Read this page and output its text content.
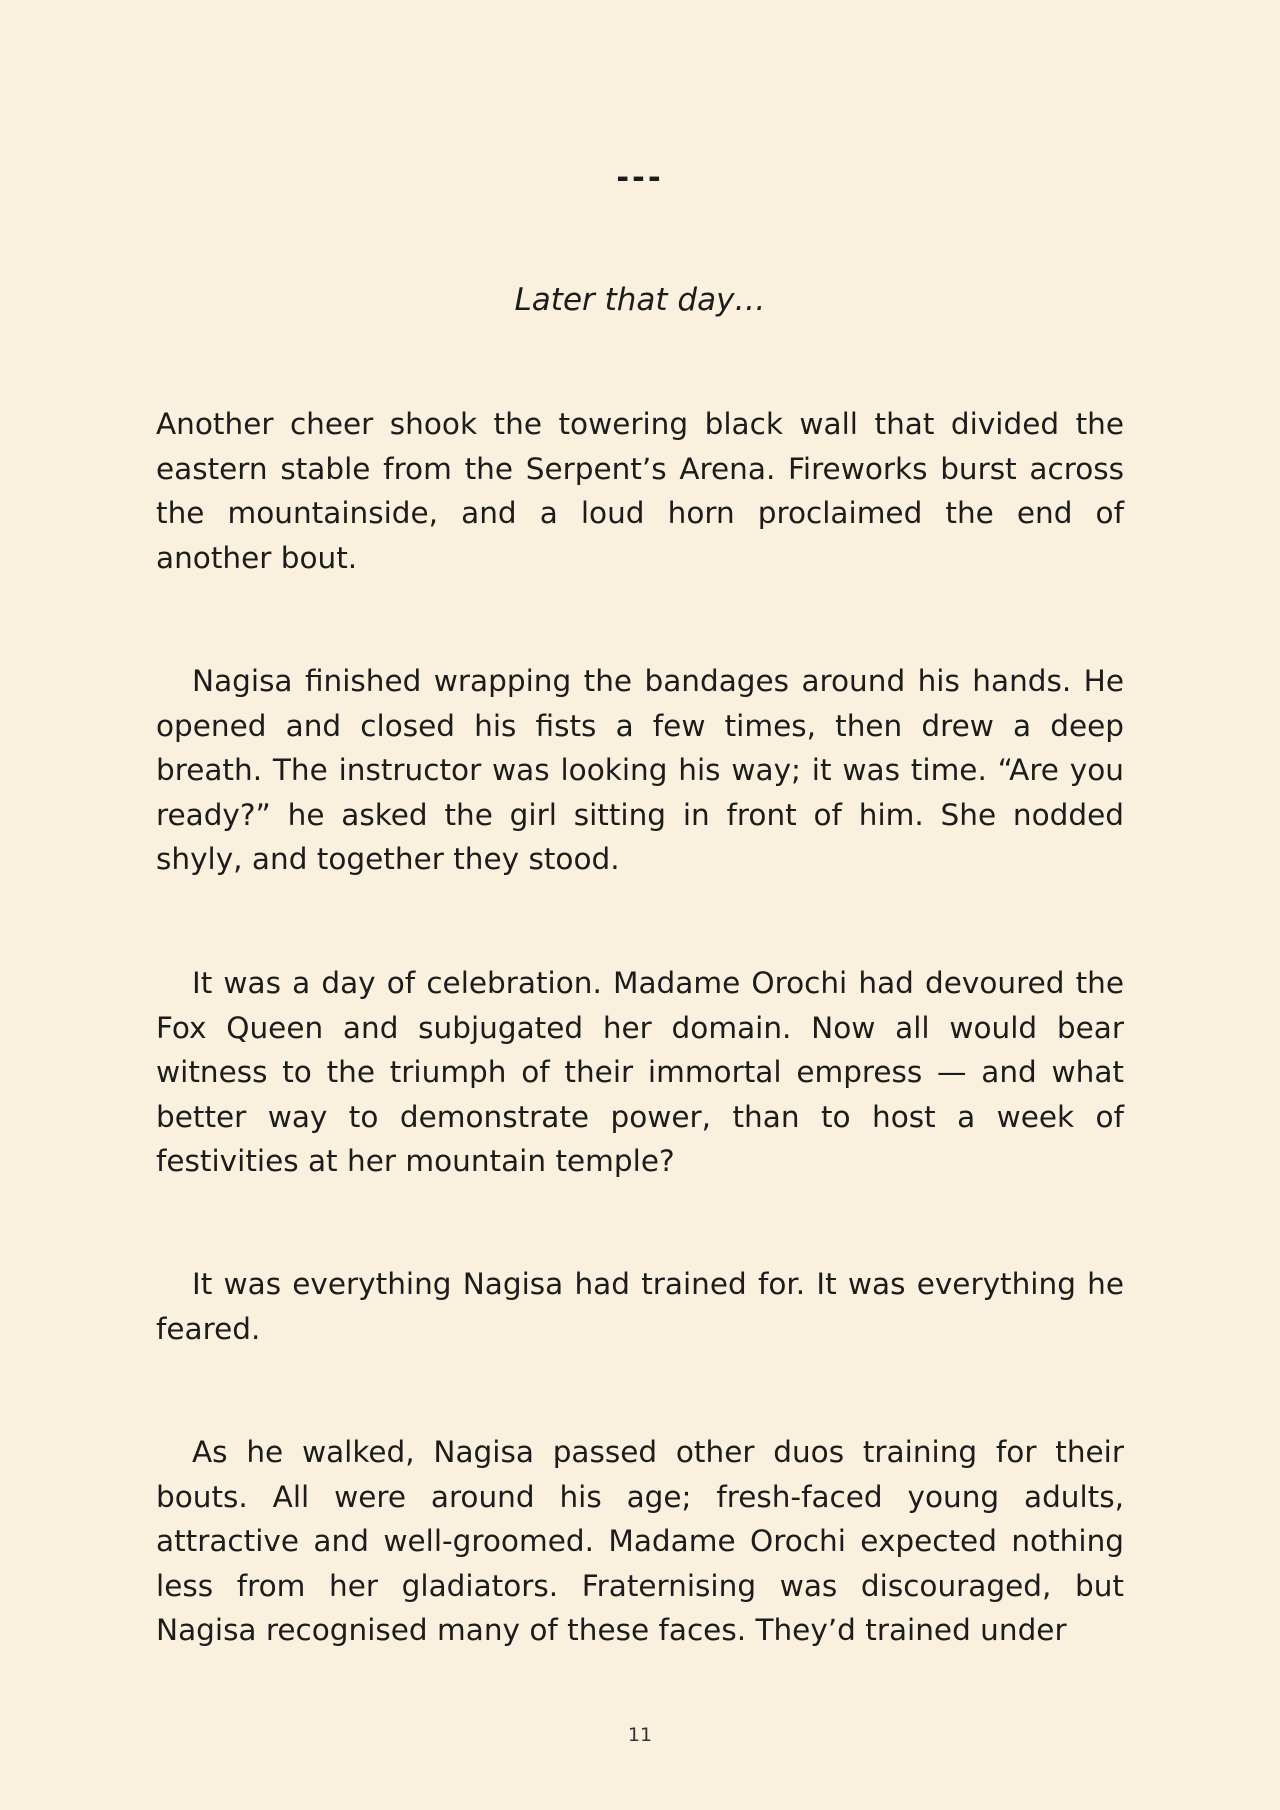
---
Later that day…

Another cheer shook the towering black wall that divided the eastern stable from the Serpent’s Arena. Fireworks burst across the mountainside, and a loud horn proclaimed the end of another bout.

Nagisa finished wrapping the bandages around his hands. He opened and closed his fists a few times, then drew a deep breath. The instructor was looking his way; it was time. “Are you ready?” he asked the girl sitting in front of him. She nodded shyly, and together they stood.

It was a day of celebration. Madame Orochi had devoured the Fox Queen and subjugated her domain. Now all would bear witness to the triumph of their immortal empress — and what better way to demonstrate power, than to host a week of festivities at her mountain temple?

It was everything Nagisa had trained for. It was everything he feared.

As he walked, Nagisa passed other duos training for their bouts. All were around his age; fresh-faced young adults, attractive and well-groomed. Madame Orochi expected nothing less from her gladiators. Fraternising was discouraged, but Nagisa recognised many of these faces. They’d trained under

11
